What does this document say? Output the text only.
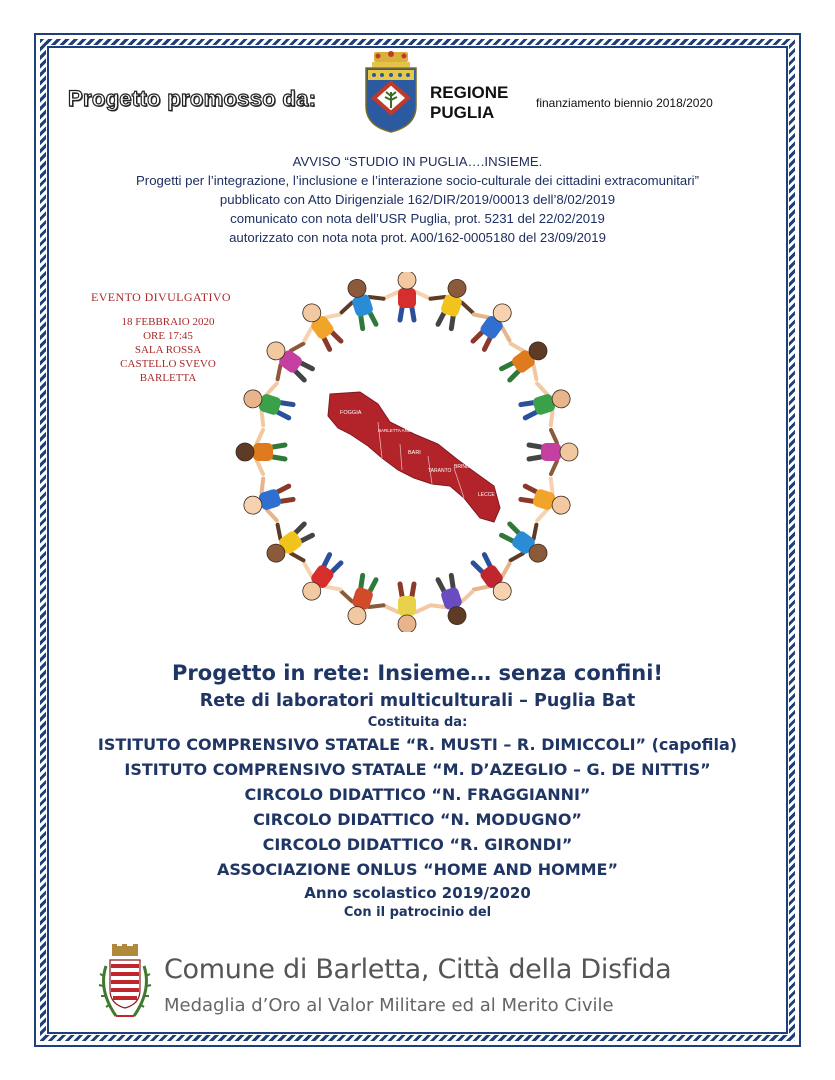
Progetto promosso da:	REGIONE
PUGLIA	finanziamento biennio 2018/2020
AVVISO “STUDIO IN PUGLIA….INSIEME.
Progetti per l’integrazione, l’inclusione e l’interazione socio-culturale dei cittadini extracomunitari”
pubblicato con Atto Dirigenziale 162/DIR/2019/00013 dell’8/02/2019
comunicato con nota dell’USR Puglia, prot. 5231 del 22/02/2019
autorizzato con nota nota prot. A00/162-0005180 del 23/09/2019
EVENTO DIVULGATIVO
18 FEBBRAIO 2020
ORE 17:45
SALA ROSSA
CASTELLO SVEVO
BARLETTA
FOGGIA
BARLETTA ANDRIA TRANI
BARI
TARANTO
BRINDISI
LECCE
Progetto in rete: Insieme… senza confini!
Rete di laboratori multiculturali – Puglia Bat
Costituita da:
ISTITUTO COMPRENSIVO STATALE “R. MUSTI – R. DIMICCOLI” (capofila)
ISTITUTO COMPRENSIVO STATALE “M. D’AZEGLIO – G. DE NITTIS”
CIRCOLO DIDATTICO “N. FRAGGIANNI”
CIRCOLO DIDATTICO “N. MODUGNO”
CIRCOLO DIDATTICO “R. GIRONDI”
ASSOCIAZIONE ONLUS “HOME AND HOMME”
Anno scolastico 2019/2020
Con il patrocinio del
Comune di Barletta, Città della Disfida
Medaglia d’Oro al Valor Militare ed al Merito Civile
